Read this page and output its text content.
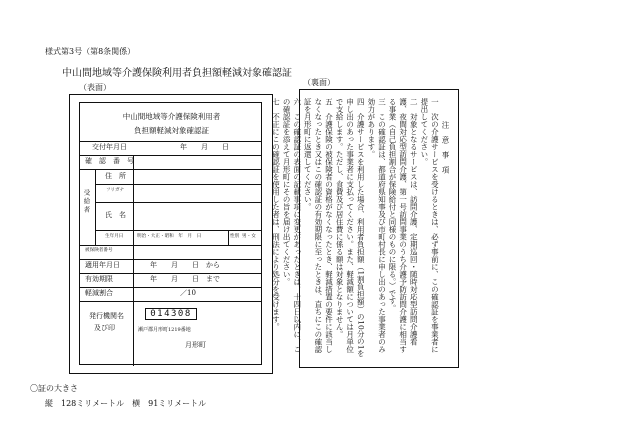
様式第3号（第8条関係）
中山間地域等介護保険利用者負担額軽減対象確認証
（表面）
（裏面）
中山間地域等介護保険利用者
負担額軽減対象確認証
交付年月日	年　　月　　日
確　認　番　号
受給者
住　所
フリガナ
氏　名
生年月日	明治・大正・昭和　年　月　日	性別 男・女
被保険者番号
適用年月日	年　　月　　日　から
有効期限	年　　月　　日　まで
軽減割合	／10
発行機関名
及び印
014308
瀬戸郡月形町1219番地
月形町
注　意　事　項
一　次の介護サービスを受けるときは、必ず事前に、この確認証を事業者に提出してください。
二　対象となるサービスは、訪問介護、定期巡回・随時対応型訪問介護看護、夜間対応型訪問介護、第一号訪問事業のうち介護予防訪問介護に相当する事業（自己負担割合が保険給付と同様のものに限る。）です。
三　この確認証は、都道府県知事及び市町村長に申し出のあった事業者のみ効力があります。
四　介護サービスを利用した場合、利用者負担額（1割負担額）の10分の1を申し出のあった事業者に支払ってください。また、軽減額については月単位で支給します。ただし、食費及び居住費に係る額は対象となりません。
五　介護保険の被保険者の資格がなくなったとき、軽減措置の要件に該当しなくなったとき又はこの確認証の有効期限に至ったときは、直ちにこの確認証を月形町に返還してください。
六　この確認証の表面の記載事項に変更があったときは、十四日以内に、この確認証を添えて月形町にその旨を届け出てください。
七　不正にこの確認証を使用した者は、刑法により処分を受けます。
〇証の大きさ
縦　128ミリメートル　横　91ミリメートル
